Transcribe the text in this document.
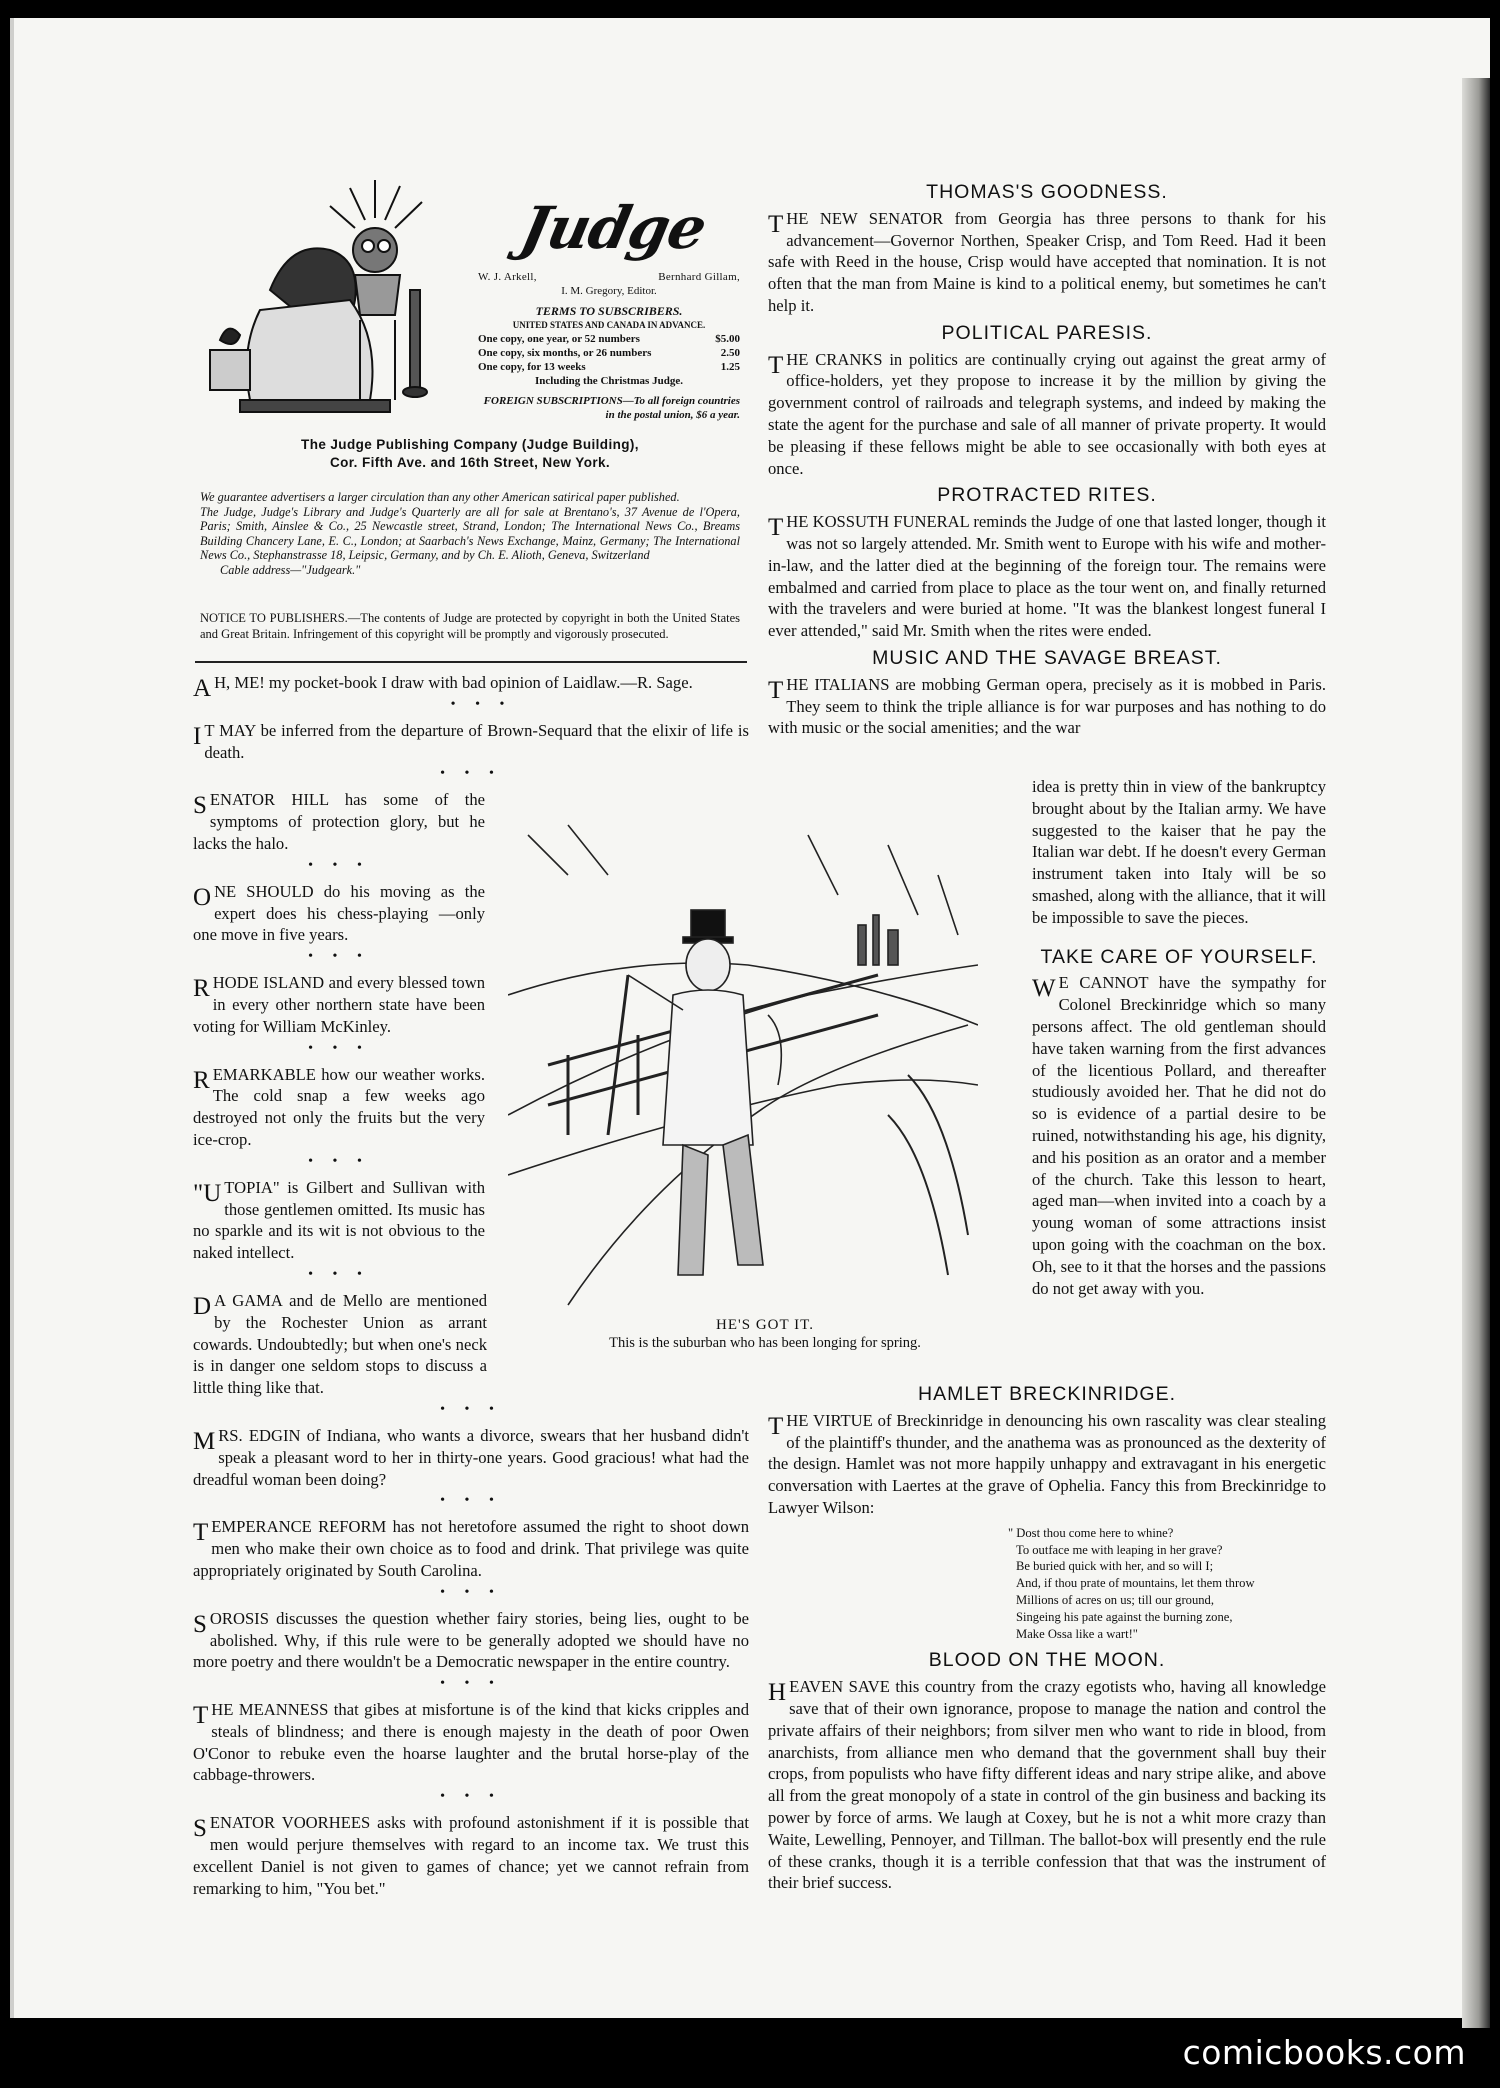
Judge
W. J. Arkell,	Bernhard Gillam,
I. M. Gregory, Editor.
TERMS TO SUBSCRIBERS.
UNITED STATES AND CANADA IN ADVANCE.
One copy, one year, or 52 numbers	$5.00
One copy, six months, or 26 numbers	2.50
One copy, for 13 weeks	1.25
Including the Christmas Judge.
FOREIGN SUBSCRIPTIONS—To all foreign countries in the postal union, $6 a year.
The Judge Publishing Company (Judge Building),
Cor. Fifth Ave. and 16th Street, New York.
We guarantee advertisers a larger circulation than any other American satirical paper published.
The Judge, Judge's Library and Judge's Quarterly are all for sale at Brentano's, 37 Avenue de l'Opera, Paris; Smith, Ainslee & Co., 25 Newcastle street, Strand, London; The International News Co., Breams Building Chancery Lane, E. C., London; at Saarbach's News Exchange, Mainz, Germany; The International News Co., Stephanstrasse 18, Leipsic, Germany, and by Ch. E. Alioth, Geneva, Switzerland
Cable address—"Judgeark."
NOTICE TO PUBLISHERS.—The contents of Judge are protected by copyright in both the United States and Great Britain. Infringement of this copyright will be promptly and vigorously prosecuted.

A H, ME! my pocket-book I draw with bad opinion of Laidlaw.—R. Sage.

• • •

I T MAY be inferred from the departure of Brown-Sequard that the elixir of life is death.

• • •

SENATOR HILL has some of the symptoms of protection glory, but he lacks the halo.

• • •

ONE SHOULD do his moving as the expert does his chess-playing —only one move in five years.

• • •

RHODE ISLAND and every blessed town in every other northern state have been voting for William McKinley.

• • •

REMARKABLE how our weather works. The cold snap a few weeks ago destroyed not only the fruits but the very ice-crop.

• • •

"UTOPIA" is Gilbert and Sullivan with those gentlemen omitted. Its music has no sparkle and its wit is not obvious to the naked intellect.

• • •

D A GAMA and de Mello are mentioned by the Rochester Union as arrant cowards. Undoubtedly; but when one's neck is in danger one seldom stops to discuss a little thing like that.

• • •

MRS. EDGIN of Indiana, who wants a divorce, swears that her husband didn't speak a pleasant word to her in thirty-one years. Good gracious! what had the dreadful woman been doing?

• • •

TEMPERANCE REFORM has not heretofore assumed the right to shoot down men who make their own choice as to food and drink. That privilege was quite appropriately originated by South Carolina.

• • •

SOROSIS discusses the question whether fairy stories, being lies, ought to be abolished. Why, if this rule were to be generally adopted we should have no more poetry and there wouldn't be a Democratic newspaper in the entire country.

• • •

THE MEANNESS that gibes at misfortune is of the kind that kicks cripples and steals of blindness; and there is enough majesty in the death of poor Owen O'Conor to rebuke even the hoarse laughter and the brutal horse-play of the cabbage-throwers.

• • •

SENATOR VOORHEES asks with profound astonishment if it is possible that men would perjure themselves with regard to an income tax. We trust this excellent Daniel is not given to games of chance; yet we cannot refrain from remarking to him, "You bet."

THOMAS'S GOODNESS.

THE NEW SENATOR from Georgia has three persons to thank for his advancement—Governor Northen, Speaker Crisp, and Tom Reed. Had it been safe with Reed in the house, Crisp would have accepted that nomination. It is not often that the man from Maine is kind to a political enemy, but sometimes he can't help it.

POLITICAL PARESIS.

THE CRANKS in politics are continually crying out against the great army of office-holders, yet they propose to increase it by the million by giving the government control of railroads and telegraph systems, and indeed by making the state the agent for the purchase and sale of all manner of private property. It would be pleasing if these fellows might be able to see occasionally with both eyes at once.

PROTRACTED RITES.

THE KOSSUTH FUNERAL reminds the Judge of one that lasted longer, though it was not so largely attended. Mr. Smith went to Europe with his wife and mother-in-law, and the latter died at the beginning of the foreign tour. The remains were embalmed and carried from place to place as the tour went on, and finally returned with the travelers and were buried at home. "It was the blankest longest funeral I ever attended," said Mr. Smith when the rites were ended.

MUSIC AND THE SAVAGE BREAST.

THE ITALIANS are mobbing German opera, precisely as it is mobbed in Paris. They seem to think the triple alliance is for war purposes and has nothing to do with music or the social amenities; and the war

HE'S GOT IT.
This is the suburban who has been longing for spring.

idea is pretty thin in view of the bankruptcy brought about by the Italian army. We have suggested to the kaiser that he pay the Italian war debt. If he doesn't every German instrument taken into Italy will be so smashed, along with the alliance, that it will be impossible to save the pieces.

TAKE CARE OF YOURSELF.

W E CANNOT have the sympathy for Colonel Breckinridge which so many persons affect. The old gentleman should have taken warning from the first advances of the licentious Pollard, and thereafter studiously avoided her. That he did not do so is evidence of a partial desire to be ruined, notwithstanding his age, his dignity, and his position as an orator and a member of the church. Take this lesson to heart, aged man—when invited into a coach by a young woman of some attractions insist upon going with the coachman on the box. Oh, see to it that the horses and the passions do not get away with you.

HAMLET BRECKINRIDGE.

THE VIRTUE of Breckinridge in denouncing his own rascality was clear stealing of the plaintiff's thunder, and the anathema was as pronounced as the dexterity of the design. Hamlet was not more happily unhappy and extravagant in his energetic conversation with Laertes at the grave of Ophelia. Fancy this from Breckinridge to Lawyer Wilson:

" Dost thou come here to whine?
To outface me with leaping in her grave?
Be buried quick with her, and so will I;
And, if thou prate of mountains, let them throw
Millions of acres on us; till our ground,
Singeing his pate against the burning zone,
Make Ossa like a wart!"
BLOOD ON THE MOON.

HEAVEN SAVE this country from the crazy egotists who, having all knowledge save that of their own ignorance, propose to manage the nation and control the private affairs of their neighbors; from silver men who want to ride in blood, from anarchists, from alliance men who demand that the government shall buy their crops, from populists who have fifty different ideas and nary stripe alike, and above all from the great monopoly of a state in control of the gin business and backing its power by force of arms. We laugh at Coxey, but he is not a whit more crazy than Waite, Lewelling, Pennoyer, and Tillman. The ballot-box will presently end the rule of these cranks, though it is a terrible confession that that was the instrument of their brief success.

comicbooks.com
